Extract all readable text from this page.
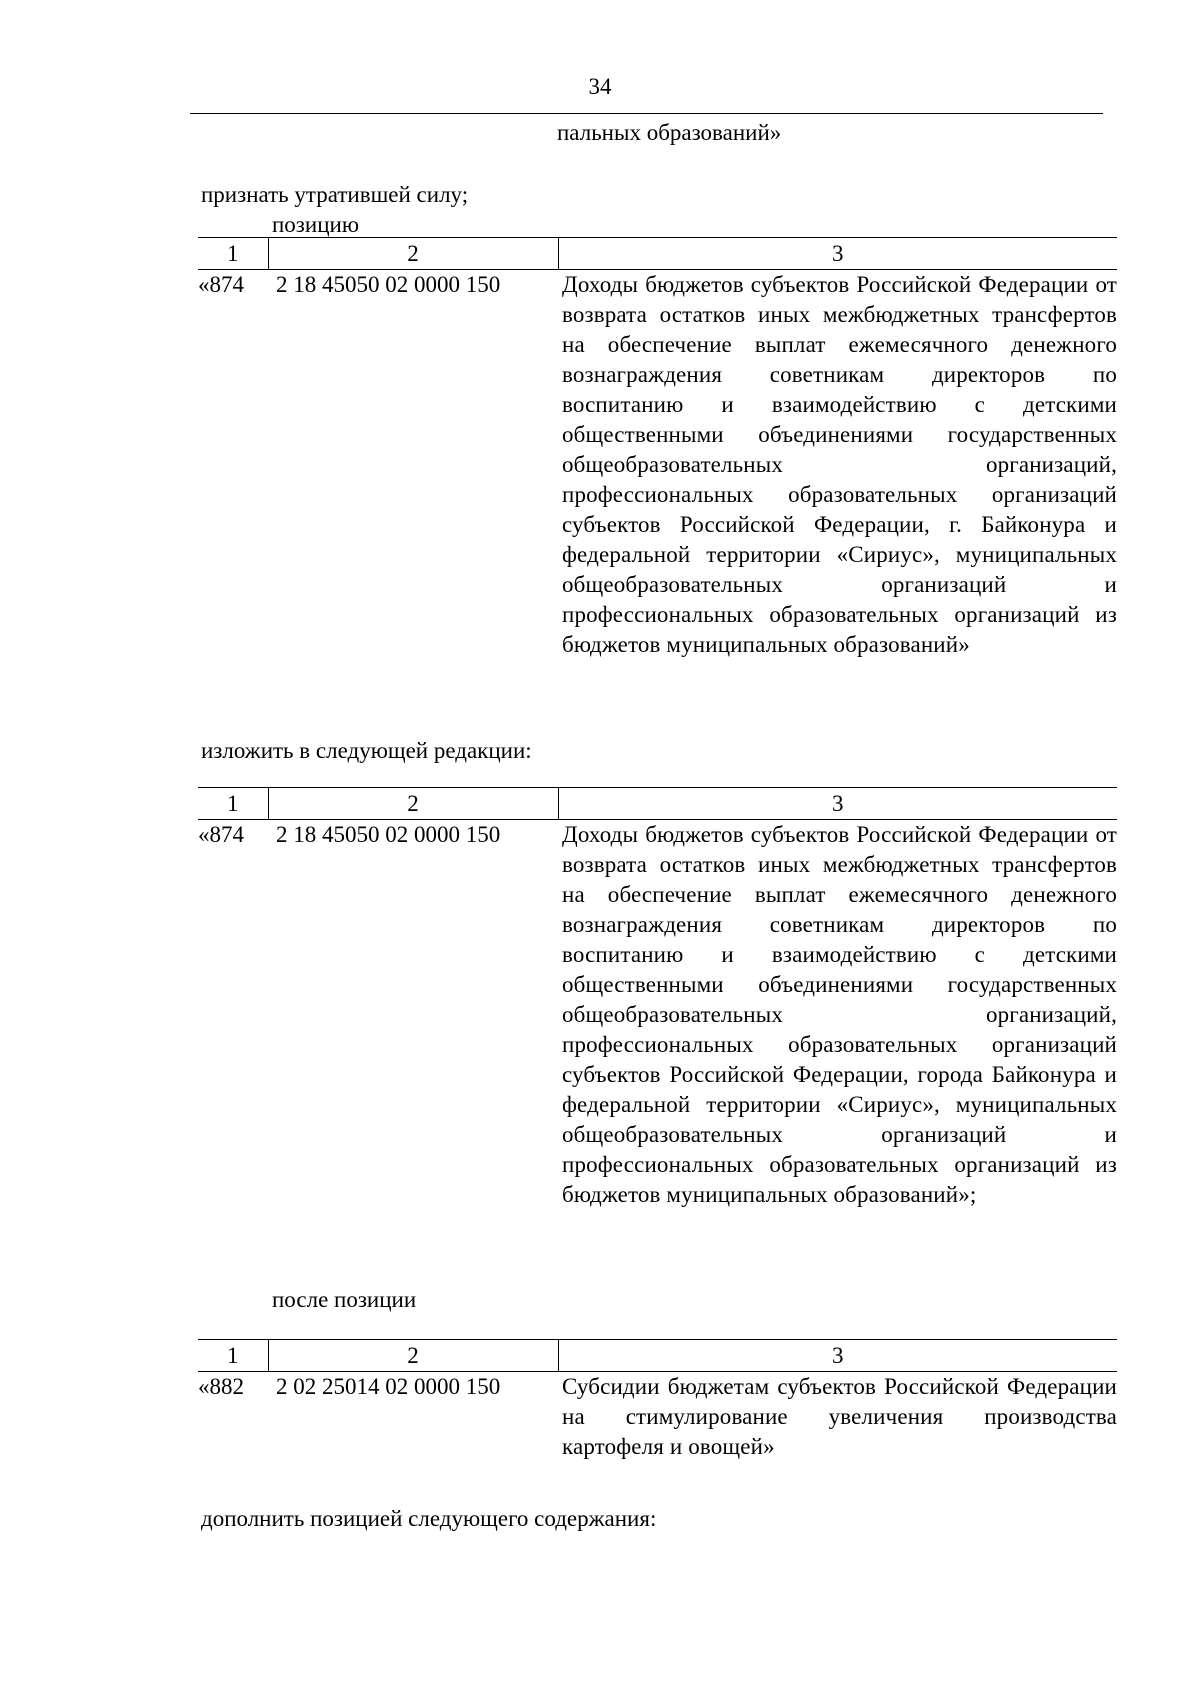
34
пальных образований»
признать утратившей силу;
позицию
1	2	3
«874	2 18 45050 02 0000 150	Доходы бюджетов субъектов Российской Федерации от возврата остатков иных межбюджетных трансфертов на обеспечение выплат ежемесячного денежного вознаграждения советникам директоров по воспитанию и взаимодействию с детскими общественными объединениями государственных общеобразовательных организаций, профессиональных образовательных организаций субъектов Российской Федерации, г. Байконура и федеральной территории «Сириус», муниципальных общеобразовательных организаций и профессиональных образовательных организаций из бюджетов муниципальных образований»
изложить в следующей редакции:
1	2	3
«874	2 18 45050 02 0000 150	Доходы бюджетов субъектов Российской Федерации от возврата остатков иных межбюджетных трансфертов на обеспечение выплат ежемесячного денежного вознаграждения советникам директоров по воспитанию и взаимодействию с детскими общественными объединениями государственных общеобразовательных организаций, профессиональных образовательных организаций субъектов Российской Федерации, города Байконура и федеральной территории «Сириус», муниципальных общеобразовательных организаций и профессиональных образовательных организаций из бюджетов муниципальных образований»;
после позиции
1	2	3
«882	2 02 25014 02 0000 150	Субсидии бюджетам субъектов Российской Федерации на стимулирование увеличения производства картофеля и овощей»
дополнить позицией следующего содержания:
